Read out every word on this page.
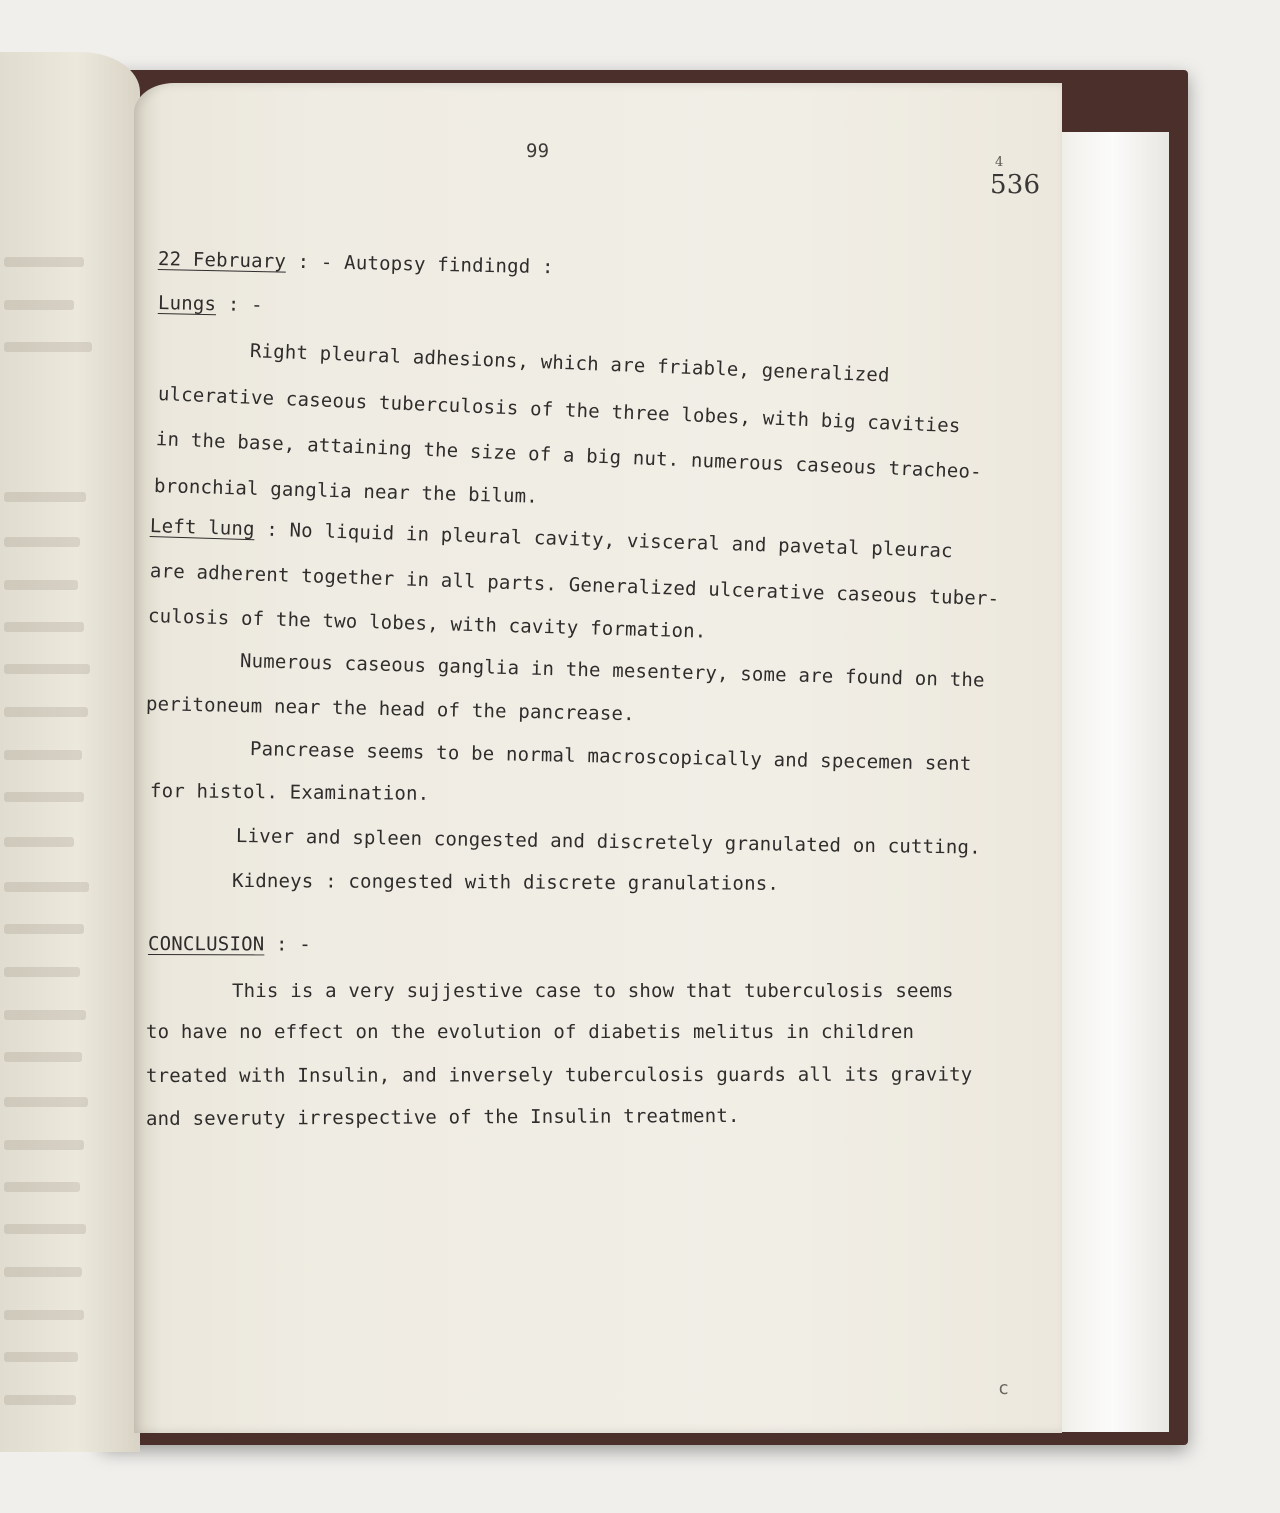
99
4
536
22 February : - Autopsy findingd :
Lungs : -
Right pleural adhesions, which are friable, generalized
ulcerative caseous tuberculosis of the three lobes, with big cavities
in the base, attaining the size of a big nut. numerous caseous tracheo-
bronchial ganglia near the bilum.
Left lung : No liquid in pleural cavity, visceral and pavetal pleurac
are adherent together in all parts. Generalized ulcerative caseous tuber-
culosis of the two lobes, with cavity formation.
Numerous caseous ganglia in the mesentery, some are found on the
peritoneum near the head of the pancrease.
Pancrease seems to be normal macroscopically and specemen sent
for histol. Examination.
Liver and spleen congested and discretely granulated on cutting.
Kidneys : congested with discrete granulations.
CONCLUSION : -
This is a very sujjestive case to show that tuberculosis seems
to have no effect on the evolution of diabetis melitus in children
treated with Insulin, and inversely tuberculosis guards all its gravity
and severuty irrespective of the Insulin treatment.
c
